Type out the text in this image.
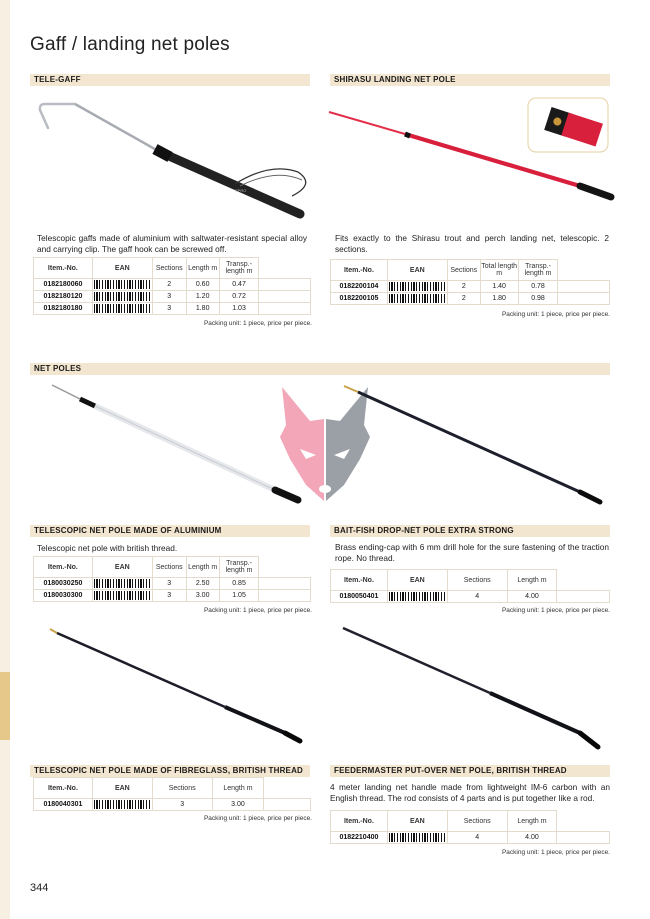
Gaff / landing net poles
TELE-GAFF
SPRO
Telescopic gaffs made of aluminium with saltwater-resistant special alloy and carrying clip. The gaff hook can be screwed off.
Item.-No.	EAN	Sections	Length m	Transp.-length m	
0182180060		2	0.60	0.47	
0182180120		3	1.20	0.72	
0182180180		3	1.80	1.03	
Packing unit: 1 piece, price per piece.
SHIRASU LANDING NET POLE
Fits exactly to the Shirasu trout and perch landing net, telescopic. 2 sections.
Item.-No.	EAN	Sections	Total length m	Transp.-length m	
0182200104		2	1.40	0.78	
0182200105		2	1.80	0.98	
Packing unit: 1 piece, price per piece.
NET POLES
TELESCOPIC NET POLE MADE OF ALUMINIUM
Telescopic net pole with british thread.
Item.-No.	EAN	Sections	Length m	Transp.-length m	
0180030250		3	2.50	0.85	
0180030300		3	3.00	1.05	
Packing unit: 1 piece, price per piece.
BAIT-FISH DROP-NET POLE EXTRA STRONG
Brass ending-cap with 6 mm drill hole for the sure fastening of the traction rope. No thread.
Item.-No.	EAN	Sections	Length m	
0180050401		4	4.00	
Packing unit: 1 piece, price per piece.
TELESCOPIC NET POLE MADE OF FIBREGLASS, BRITISH THREAD
Item.-No.	EAN	Sections	Length m	
0180040301		3	3.00	
Packing unit: 1 piece, price per piece.
FEEDERMASTER PUT-OVER NET POLE, BRITISH THREAD
4 meter landing net handle made from lightweight IM-6 carbon with an English thread. The rod consists of 4 parts and is put together like a rod.
Item.-No.	EAN	Sections	Length m	
0182210400		4	4.00	
Packing unit: 1 piece, price per piece.
344
